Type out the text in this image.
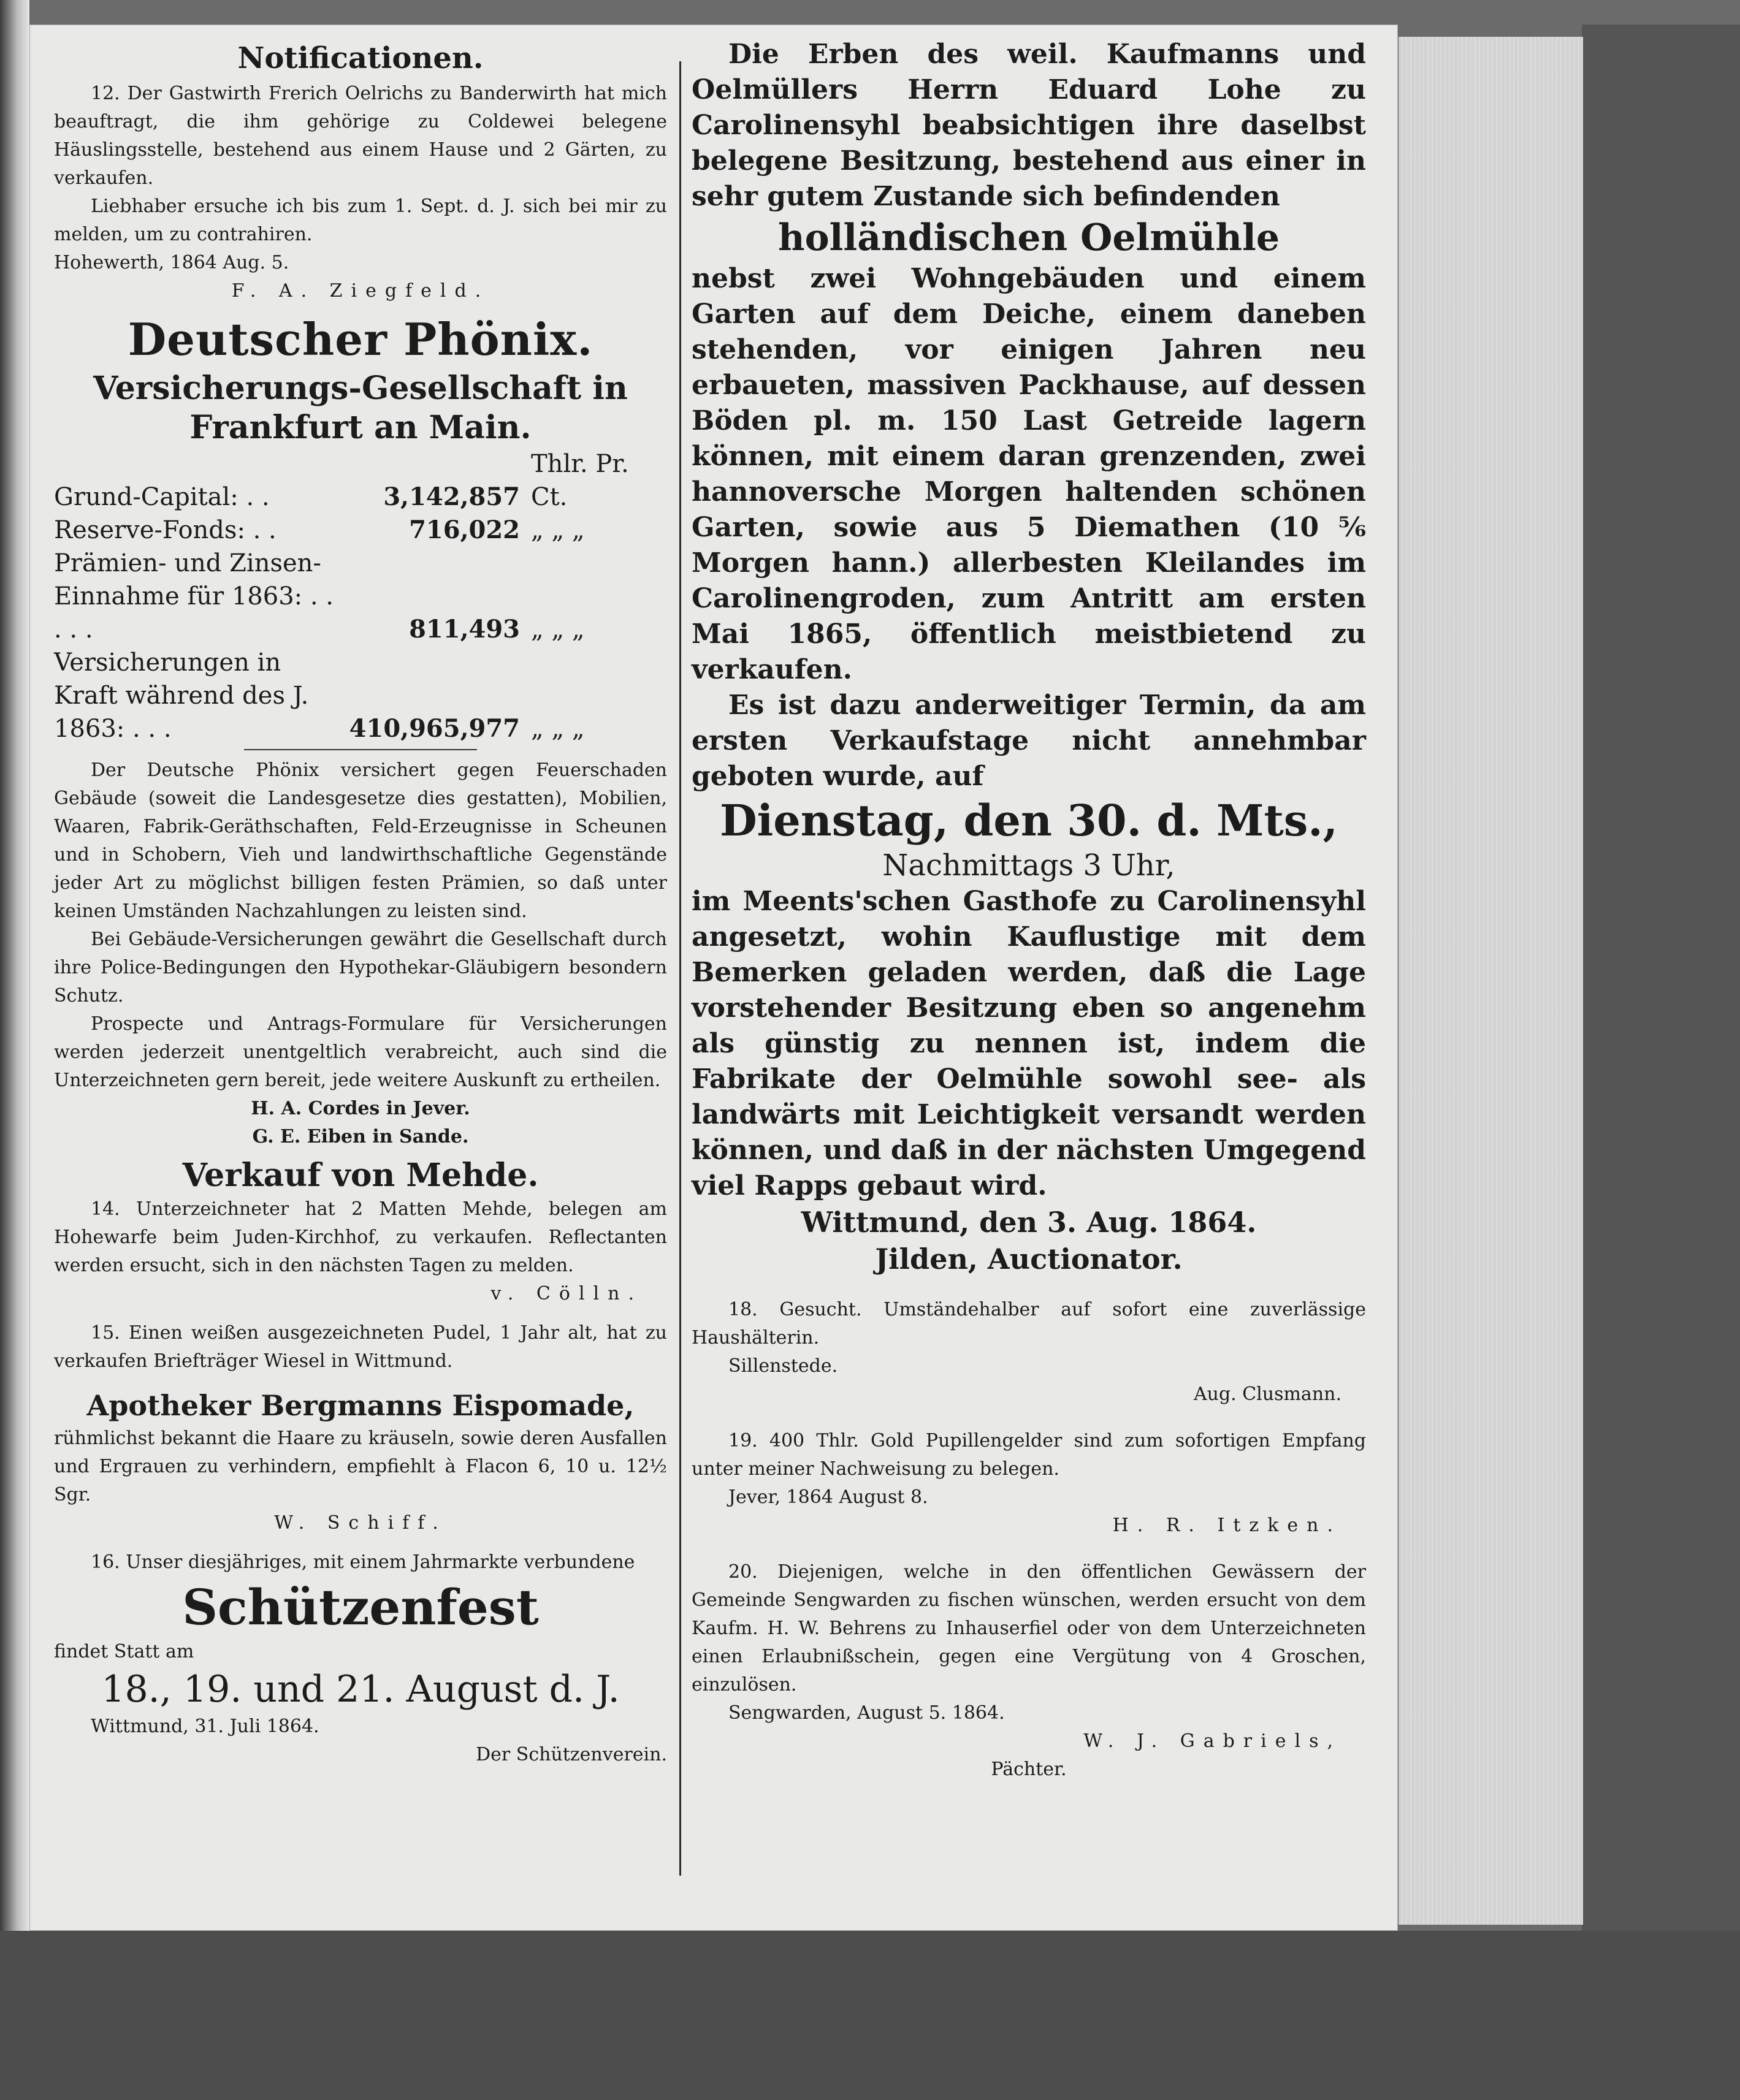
Notificationen.

12. Der Gastwirth Frerich Oelrichs zu Banderwirth hat mich beauftragt, die ihm gehörige zu Coldewei belegene Häuslingsstelle, bestehend aus einem Hause und 2 Gärten, zu verkaufen.

Liebhaber ersuche ich bis zum 1. Sept. d. J. sich bei mir zu melden, um zu contrahiren.

Hohewerth, 1864 Aug. 5.

F. A. Ziegfeld.

Deutscher Phönix.
Versicherungs-Gesellschaft in
Frankfurt an Main.
Grund-Capital: . .	3,142,857	Thlr. Pr. Ct.
Reserve-Fonds: . .	716,022	„ „ „
Prämien- und Zinsen-Einnahme für 1863: . . . . .	811,493	„ „ „
Versicherungen in Kraft während des J. 1863: . . .	410,965,977	„ „ „

Der Deutsche Phönix versichert gegen Feuerschaden Gebäude (soweit die Landesgesetze dies gestatten), Mobilien, Waaren, Fabrik-Geräthschaften, Feld-Erzeugnisse in Scheunen und in Schobern, Vieh und landwirthschaftliche Gegenstände jeder Art zu möglichst billigen festen Prämien, so daß unter keinen Umständen Nachzahlungen zu leisten sind.

Bei Gebäude-Versicherungen gewährt die Gesellschaft durch ihre Police-Bedingungen den Hypothekar-Gläubigern besondern Schutz.

Prospecte und Antrags-Formulare für Versicherungen werden jederzeit unentgeltlich verabreicht, auch sind die Unterzeichneten gern bereit, jede weitere Auskunft zu ertheilen.

H. A. Cordes in Jever.

G. E. Eiben in Sande.

Verkauf von Mehde.

14. Unterzeichneter hat 2 Matten Mehde, belegen am Hohewarfe beim Juden-Kirchhof, zu verkaufen. Reflectanten werden ersucht, sich in den nächsten Tagen zu melden.

v. Cölln.

15. Einen weißen ausgezeichneten Pudel, 1 Jahr alt, hat zu verkaufen Briefträger Wiesel in Wittmund.

Apotheker Bergmanns Eispomade,

rühmlichst bekannt die Haare zu kräuseln, sowie deren Ausfallen und Ergrauen zu verhindern, empfiehlt à Flacon 6, 10 u. 12½ Sgr.

W. Schiff.

16. Unser diesjähriges, mit einem Jahrmarkte verbundene

Schützenfest

findet Statt am

18., 19. und 21. August d. J.

Wittmund, 31. Juli 1864.

Der Schützenverein.

Die Erben des weil. Kaufmanns und Oelmüllers Herrn Eduard Lohe zu Carolinensyhl beabsichtigen ihre daselbst belegene Besitzung, bestehend aus einer in sehr gutem Zustande sich befindenden

holländischen Oelmühle

nebst zwei Wohngebäuden und einem Garten auf dem Deiche, einem daneben stehenden, vor einigen Jahren neu erbaueten, massiven Packhause, auf dessen Böden pl. m. 150 Last Getreide lagern können, mit einem daran grenzenden, zwei hannoversche Morgen haltenden schönen Garten, sowie aus 5 Diemathen (10⅚ Morgen hann.) allerbesten Kleilandes im Carolinengroden, zum Antritt am ersten Mai 1865, öffentlich meistbietend zu verkaufen.

Es ist dazu anderweitiger Termin, da am ersten Verkaufstage nicht annehmbar geboten wurde, auf

Dienstag, den 30. d. Mts.,
Nachmittags 3 Uhr,

im Meents'schen Gasthofe zu Carolinensyhl angesetzt, wohin Kauflustige mit dem Bemerken geladen werden, daß die Lage vorstehender Besitzung eben so angenehm als günstig zu nennen ist, indem die Fabrikate der Oelmühle sowohl see- als landwärts mit Leichtigkeit versandt werden können, und daß in der nächsten Umgegend viel Rapps gebaut wird.

Wittmund, den 3. Aug. 1864.
Jilden, Auctionator.

18. Gesucht. Umständehalber auf sofort eine zuverlässige Haushälterin.

Sillenstede.

Aug. Clusmann.

19. 400 Thlr. Gold Pupillengelder sind zum sofortigen Empfang unter meiner Nachweisung zu belegen.

Jever, 1864 August 8.

H. R. Itzken.

20. Diejenigen, welche in den öffentlichen Gewässern der Gemeinde Sengwarden zu fischen wünschen, werden ersucht von dem Kaufm. H. W. Behrens zu Inhauserfiel oder von dem Unterzeichneten einen Erlaubnißschein, gegen eine Vergütung von 4 Groschen, einzulösen.

Sengwarden, August 5. 1864.

W. J. Gabriels,

Pächter.
